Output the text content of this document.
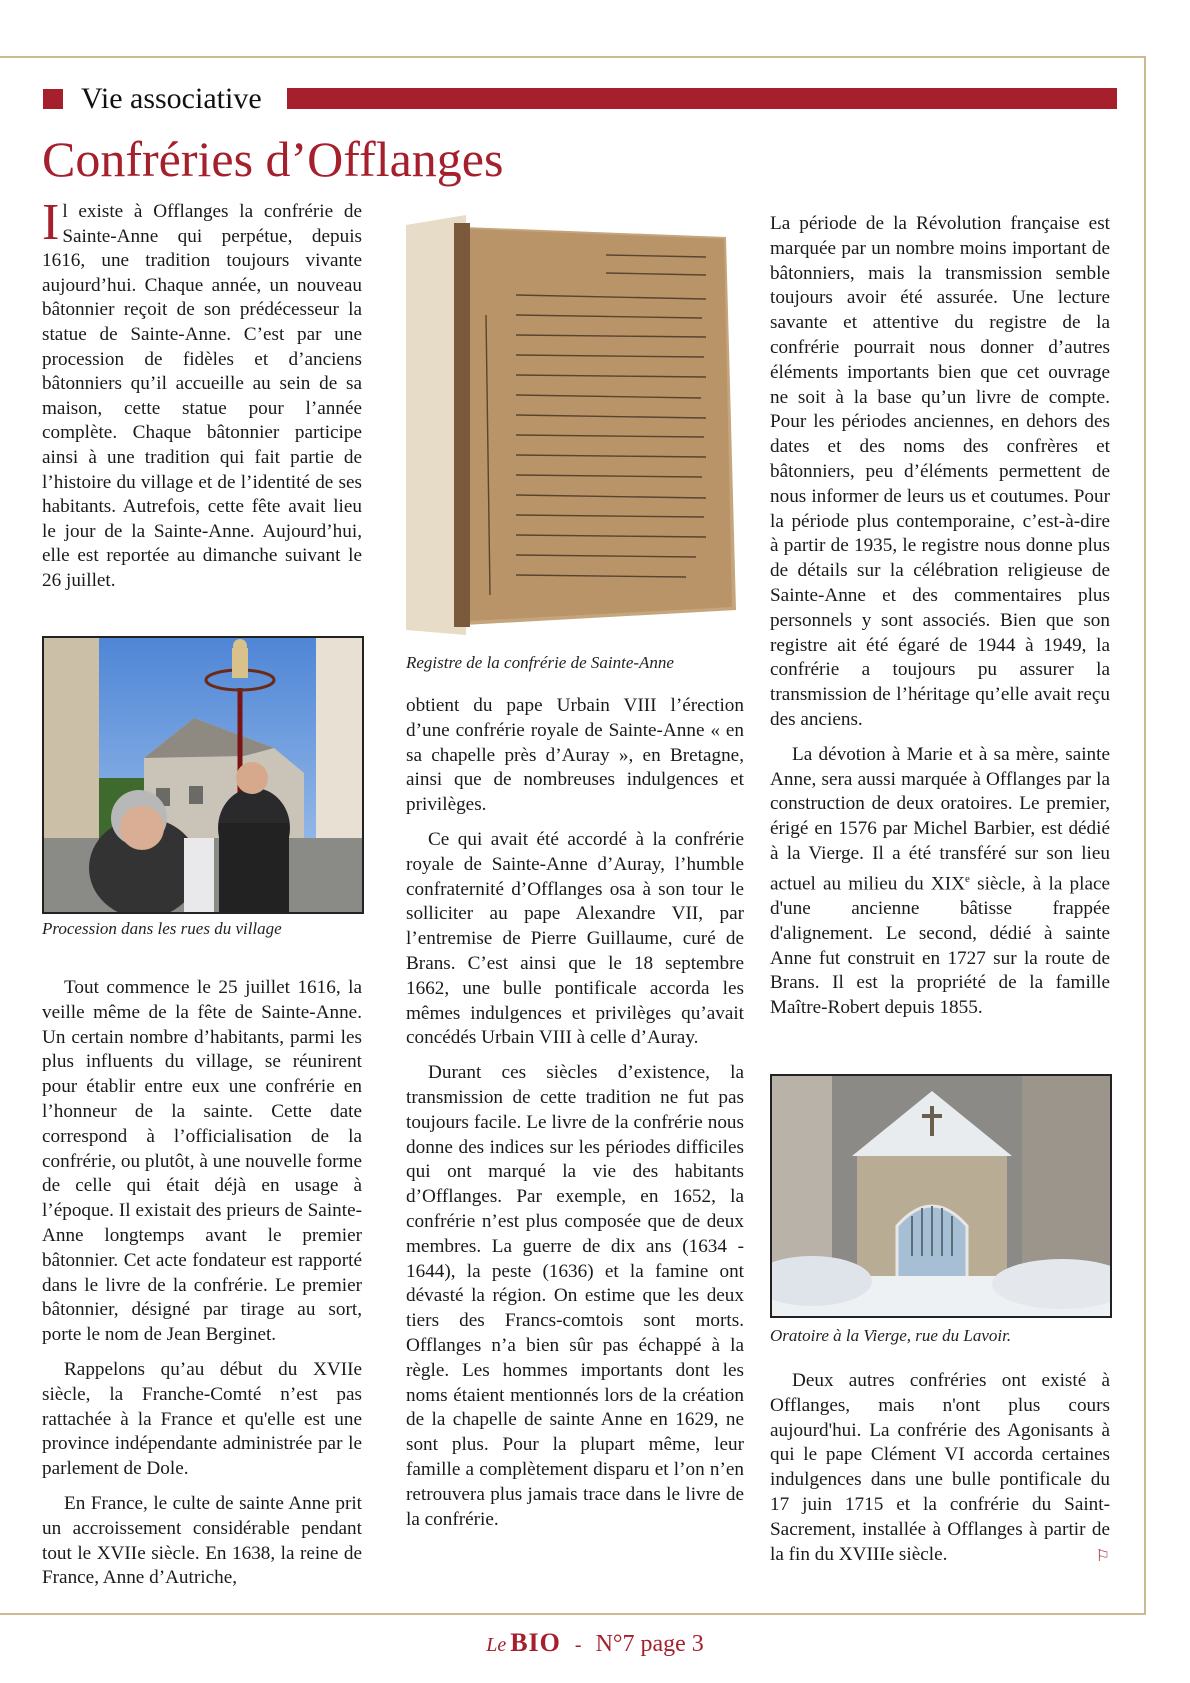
Vie associative
Confréries d’Offlanges

Il existe à Offlanges la confrérie de Sainte-Anne qui perpétue, depuis 1616, une tradition toujours vivante aujourd’hui. Chaque année, un nouveau bâtonnier reçoit de son prédécesseur la statue de Sainte-Anne. C’est par une procession de fidèles et d’anciens bâtonniers qu’il accueille au sein de sa maison, cette statue pour l’année complète. Chaque bâtonnier participe ainsi à une tradition qui fait partie de l’histoire du village et de l’identité de ses habitants. Autrefois, cette fête avait lieu le jour de la Sainte-Anne. Aujourd’hui, elle est reportée au dimanche suivant le 26 juillet.

Procession dans les rues du village

Tout commence le 25 juillet 1616, la veille même de la fête de Sainte-Anne. Un certain nombre d’habitants, parmi les plus influents du village, se réunirent pour établir entre eux une confrérie en l’honneur de la sainte. Cette date correspond à l’officialisation de la confrérie, ou plutôt, à une nouvelle forme de celle qui était déjà en usage à l’époque. Il existait des prieurs de Sainte-Anne longtemps avant le premier bâtonnier. Cet acte fondateur est rapporté dans le livre de la confrérie. Le premier bâtonnier, désigné par tirage au sort, porte le nom de Jean Berginet.

Rappelons qu’au début du XVIIe siècle, la Franche-Comté n’est pas rattachée à la France et qu'elle est une province indépendante administrée par le parlement de Dole.

En France, le culte de sainte Anne prit un accroissement considérable pendant tout le XVIIe siècle. En 1638, la reine de France, Anne d’Autriche,

Registre de la confrérie de Sainte-Anne

obtient du pape Urbain VIII l’érection d’une confrérie royale de Sainte-Anne « en sa chapelle près d’Auray », en Bretagne, ainsi que de nombreuses indulgences et privilèges.

Ce qui avait été accordé à la confrérie royale de Sainte-Anne d’Auray, l’humble confraternité d’Offlanges osa à son tour le solliciter au pape Alexandre VII, par l’entremise de Pierre Guillaume, curé de Brans. C’est ainsi que le 18 septembre 1662, une bulle pontificale accorda les mêmes indulgences et privilèges qu’avait concédés Urbain VIII à celle d’Auray.

Durant ces siècles d’existence, la transmission de cette tradition ne fut pas toujours facile. Le livre de la confrérie nous donne des indices sur les périodes difficiles qui ont marqué la vie des habitants d’Offlanges. Par exemple, en 1652, la confrérie n’est plus composée que de deux membres. La guerre de dix ans (1634 - 1644), la peste (1636) et la famine ont dévasté la région. On estime que les deux tiers des Francs-comtois sont morts. Offlanges n’a bien sûr pas échappé à la règle. Les hommes importants dont les noms étaient mentionnés lors de la création de la chapelle de sainte Anne en 1629, ne sont plus. Pour la plupart même, leur famille a complètement disparu et l’on n’en retrouvera plus jamais trace dans le livre de la confrérie.

La période de la Révolution française est marquée par un nombre moins important de bâtonniers, mais la transmission semble toujours avoir été assurée. Une lecture savante et attentive du registre de la confrérie pourrait nous donner d’autres éléments importants bien que cet ouvrage ne soit à la base qu’un livre de compte. Pour les périodes anciennes, en dehors des dates et des noms des confrères et bâtonniers, peu d’éléments permettent de nous informer de leurs us et coutumes. Pour la période plus contemporaine, c’est-à-dire à partir de 1935, le registre nous donne plus de détails sur la célébration religieuse de Sainte-Anne et des commentaires plus personnels y sont associés. Bien que son registre ait été égaré de 1944 à 1949, la confrérie a toujours pu assurer la transmission de l’héritage qu’elle avait reçu des anciens.

La dévotion à Marie et à sa mère, sainte Anne, sera aussi marquée à Offlanges par la construction de deux oratoires. Le premier, érigé en 1576 par Michel Barbier, est dédié à la Vierge. Il a été transféré sur son lieu actuel au milieu du XIXe siècle, à la place d'une ancienne bâtisse frappée d'alignement. Le second, dédié à sainte Anne fut construit en 1727 sur la route de Brans. Il est la propriété de la famille Maître-Robert depuis 1855.

Oratoire à la Vierge, rue du Lavoir.

Deux autres confréries ont existé à Offlanges, mais n'ont plus cours aujourd'hui. La confrérie des Agonisants à qui le pape Clément VI accorda certaines indulgences dans une bulle pontificale du 17 juin 1715 et la confrérie du Saint-Sacrement, installée à Offlanges à partir de la fin du XVIIIe siècle.	⚐

Le BIO - N°7 page 3
